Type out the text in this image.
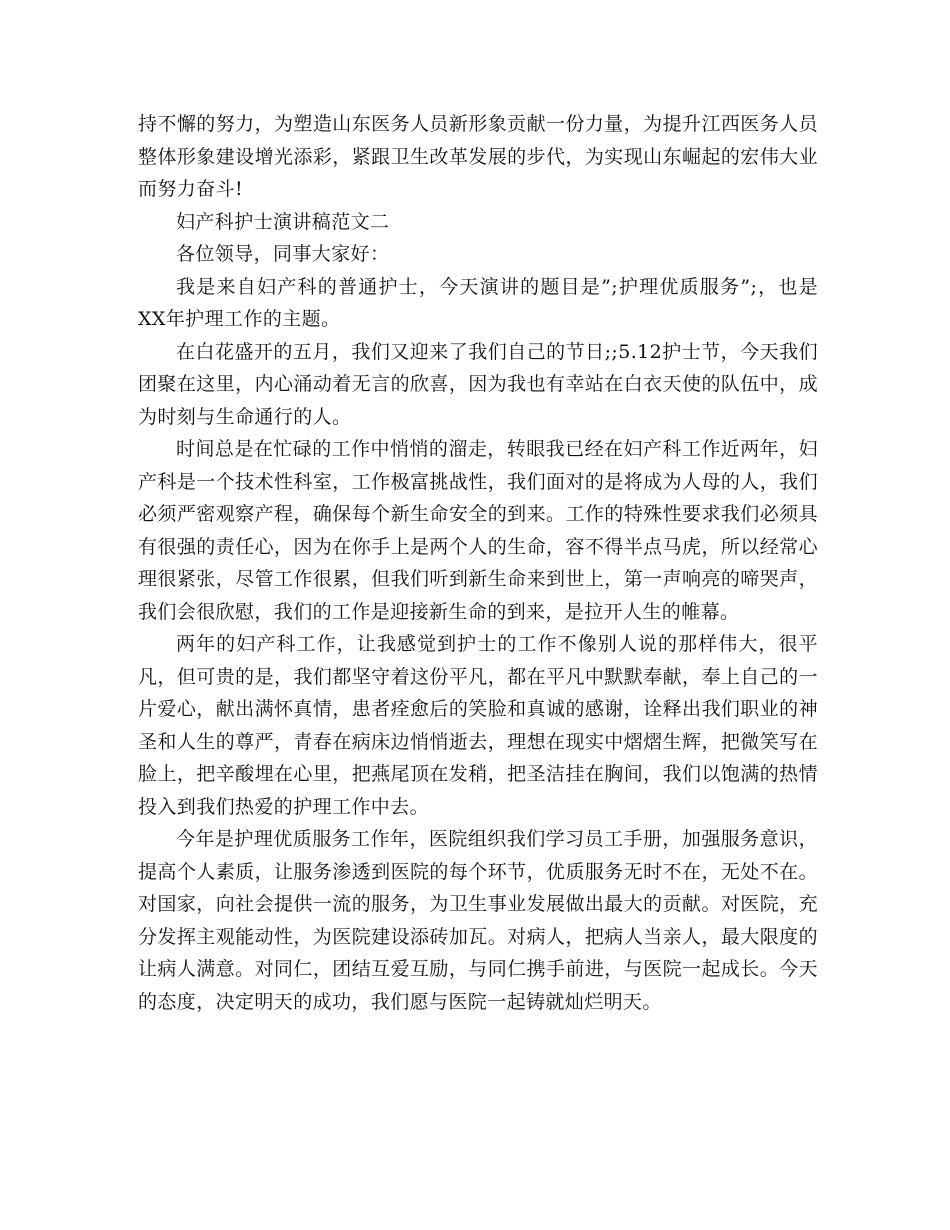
持不懈的努力，为塑造山东医务人员新形象贡献一份力量，为提升江西医务人员整体形象建设增光添彩，紧跟卫生改革发展的步代，为实现山东崛起的宏伟大业而努力奋斗!

妇产科护士演讲稿范文二

各位领导，同事大家好：

我是来自妇产科的普通护士，今天演讲的题目是”;护理优质服务”;，也是XX年护理工作的主题。

在白花盛开的五月，我们又迎来了我们自己的节日;;5.12护士节，今天我们团聚在这里，内心涌动着无言的欣喜，因为我也有幸站在白衣天使的队伍中，成为时刻与生命通行的人。

时间总是在忙碌的工作中悄悄的溜走，转眼我已经在妇产科工作近两年，妇产科是一个技术性科室，工作极富挑战性，我们面对的是将成为人母的人，我们必须严密观察产程，确保每个新生命安全的到来。工作的特殊性要求我们必须具有很强的责任心，因为在你手上是两个人的生命，容不得半点马虎，所以经常心理很紧张，尽管工作很累，但我们听到新生命来到世上，第一声响亮的啼哭声，我们会很欣慰，我们的工作是迎接新生命的到来，是拉开人生的帷幕。

两年的妇产科工作，让我感觉到护士的工作不像别人说的那样伟大，很平凡，但可贵的是，我们都坚守着这份平凡，都在平凡中默默奉献，奉上自己的一片爱心，献出满怀真情，患者痊愈后的笑脸和真诚的感谢，诠释出我们职业的神圣和人生的尊严，青春在病床边悄悄逝去，理想在现实中熠熠生辉，把微笑写在脸上，把辛酸埋在心里，把燕尾顶在发稍，把圣洁挂在胸间，我们以饱满的热情投入到我们热爱的护理工作中去。

今年是护理优质服务工作年，医院组织我们学习员工手册，加强服务意识，提高个人素质，让服务渗透到医院的每个环节，优质服务无时不在，无处不在。对国家，向社会提供一流的服务，为卫生事业发展做出最大的贡献。对医院，充分发挥主观能动性，为医院建设添砖加瓦。对病人，把病人当亲人，最大限度的让病人满意。对同仁，团结互爱互励，与同仁携手前进，与医院一起成长。今天的态度，决定明天的成功，我们愿与医院一起铸就灿烂明天。
